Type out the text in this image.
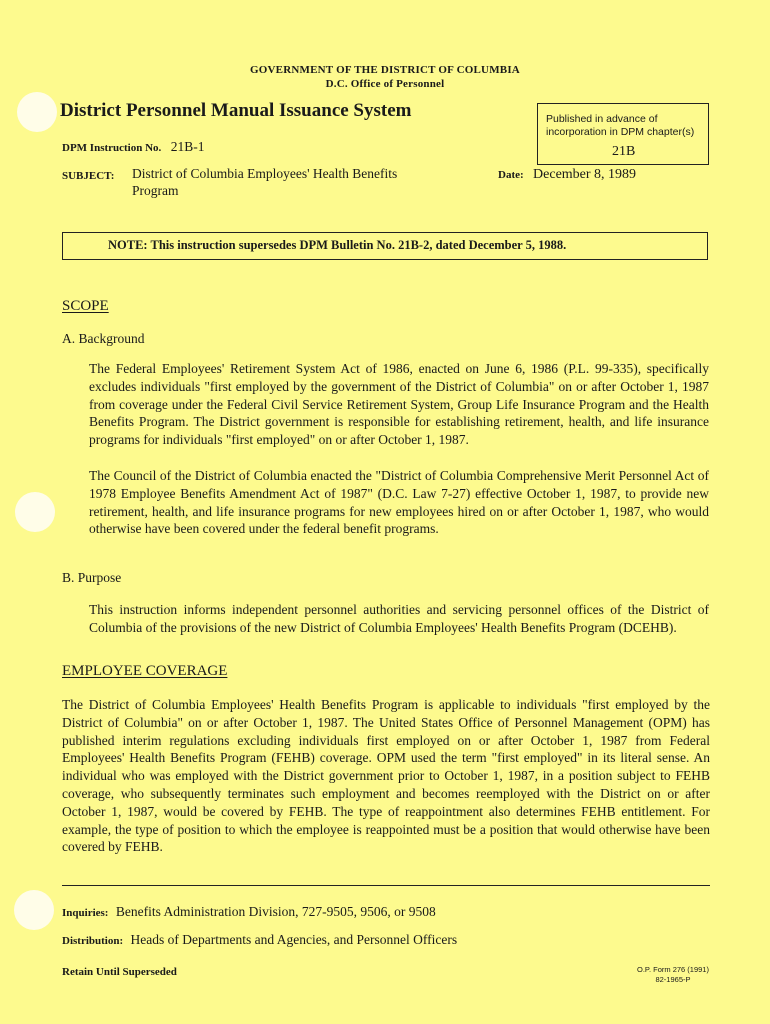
GOVERNMENT OF THE DISTRICT OF COLUMBIA
D.C. Office of Personnel
District Personnel Manual Issuance System	Published in advance of incorporation in DPM chapter(s)
21B
DPM Instruction No. 21B-1
SUBJECT: District of Columbia Employees' Health Benefits
Program
Date: December 8, 1989
NOTE: This instruction supersedes DPM Bulletin No. 21B-2, dated December 5, 1988.
SCOPE
A. Background
The Federal Employees' Retirement System Act of 1986, enacted on June 6, 1986 (P.L. 99-335), specifically excludes individuals "first employed by the government of the District of Columbia" on or after October 1, 1987 from coverage under the Federal Civil Service Retirement System, Group Life Insurance Program and the Health Benefits Program. The District government is responsible for establishing retirement, health, and life insurance programs for individuals "first employed" on or after October 1, 1987.
The Council of the District of Columbia enacted the "District of Columbia Comprehensive Merit Personnel Act of 1978 Employee Benefits Amendment Act of 1987" (D.C. Law 7-27) effective October 1, 1987, to provide new retirement, health, and life insurance programs for new employees hired on or after October 1, 1987, who would otherwise have been covered under the federal benefit programs.
B. Purpose
This instruction informs independent personnel authorities and servicing personnel offices of the District of Columbia of the provisions of the new District of Columbia Employees' Health Benefits Program (DCEHB).
EMPLOYEE COVERAGE
The District of Columbia Employees' Health Benefits Program is applicable to individuals "first employed by the District of Columbia" on or after October 1, 1987. The United States Office of Personnel Management (OPM) has published interim regulations excluding individuals first employed on or after October 1, 1987 from Federal Employees' Health Benefits Program (FEHB) coverage. OPM used the term "first employed" in its literal sense. An individual who was employed with the District government prior to October 1, 1987, in a position subject to FEHB coverage, who subsequently terminates such employment and becomes reemployed with the District on or after October 1, 1987, would be covered by FEHB. The type of reappointment also determines FEHB entitlement. For example, the type of position to which the employee is reappointed must be a position that would otherwise have been covered by FEHB.
Inquiries: Benefits Administration Division, 727-9505, 9506, or 9508
Distribution: Heads of Departments and Agencies, and Personnel Officers
Retain Until Superseded	O.P. Form 276 (1991)
82-1965-P
